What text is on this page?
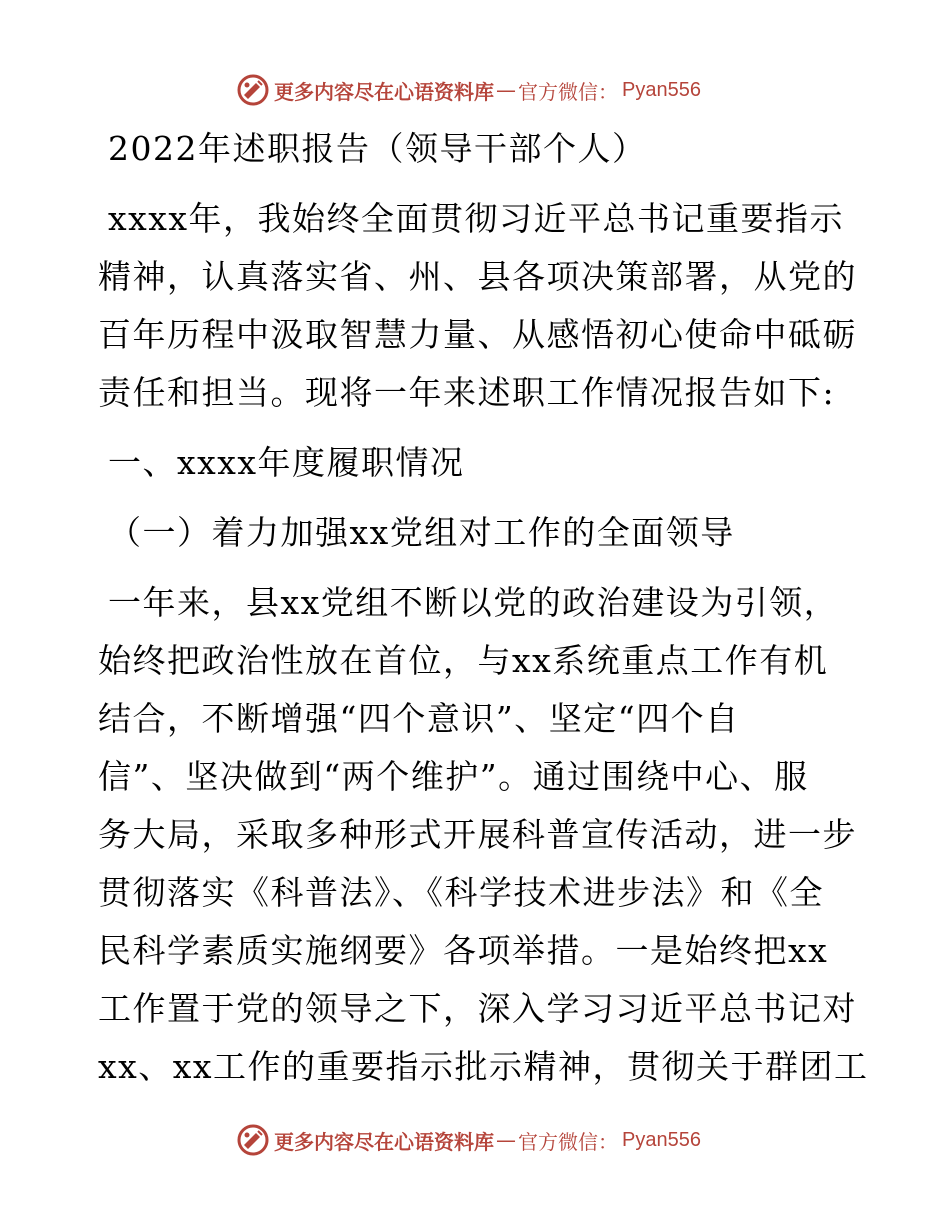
更多内容尽在心语资料库 — 官方微信： Pyan556
2022年述职报告（领导干部个人）
xxxx年，我始终全面贯彻习近平总书记重要指示
精神，认真落实省、州、县各项决策部署，从党的
百年历程中汲取智慧力量、从感悟初心使命中砥砺
责任和担当。现将一年来述职工作情况报告如下:
一、xxxx年度履职情况
（一）着力加强xx党组对工作的全面领导
一年来，县xx党组不断以党的政治建设为引领，
始终把政治性放在首位，与xx系统重点工作有机
结合，不断增强“四个意识”、坚定“四个自
信”、坚决做到“两个维护”。通过围绕中心、服
务大局，采取多种形式开展科普宣传活动，进一步
贯彻落实《科普法》、《科学技术进步法》和《全
民科学素质实施纲要》各项举措。一是始终把xx
工作置于党的领导之下，深入学习习近平总书记对
xx、xx工作的重要指示批示精神，贯彻关于群团工
更多内容尽在心语资料库 — 官方微信： Pyan556
